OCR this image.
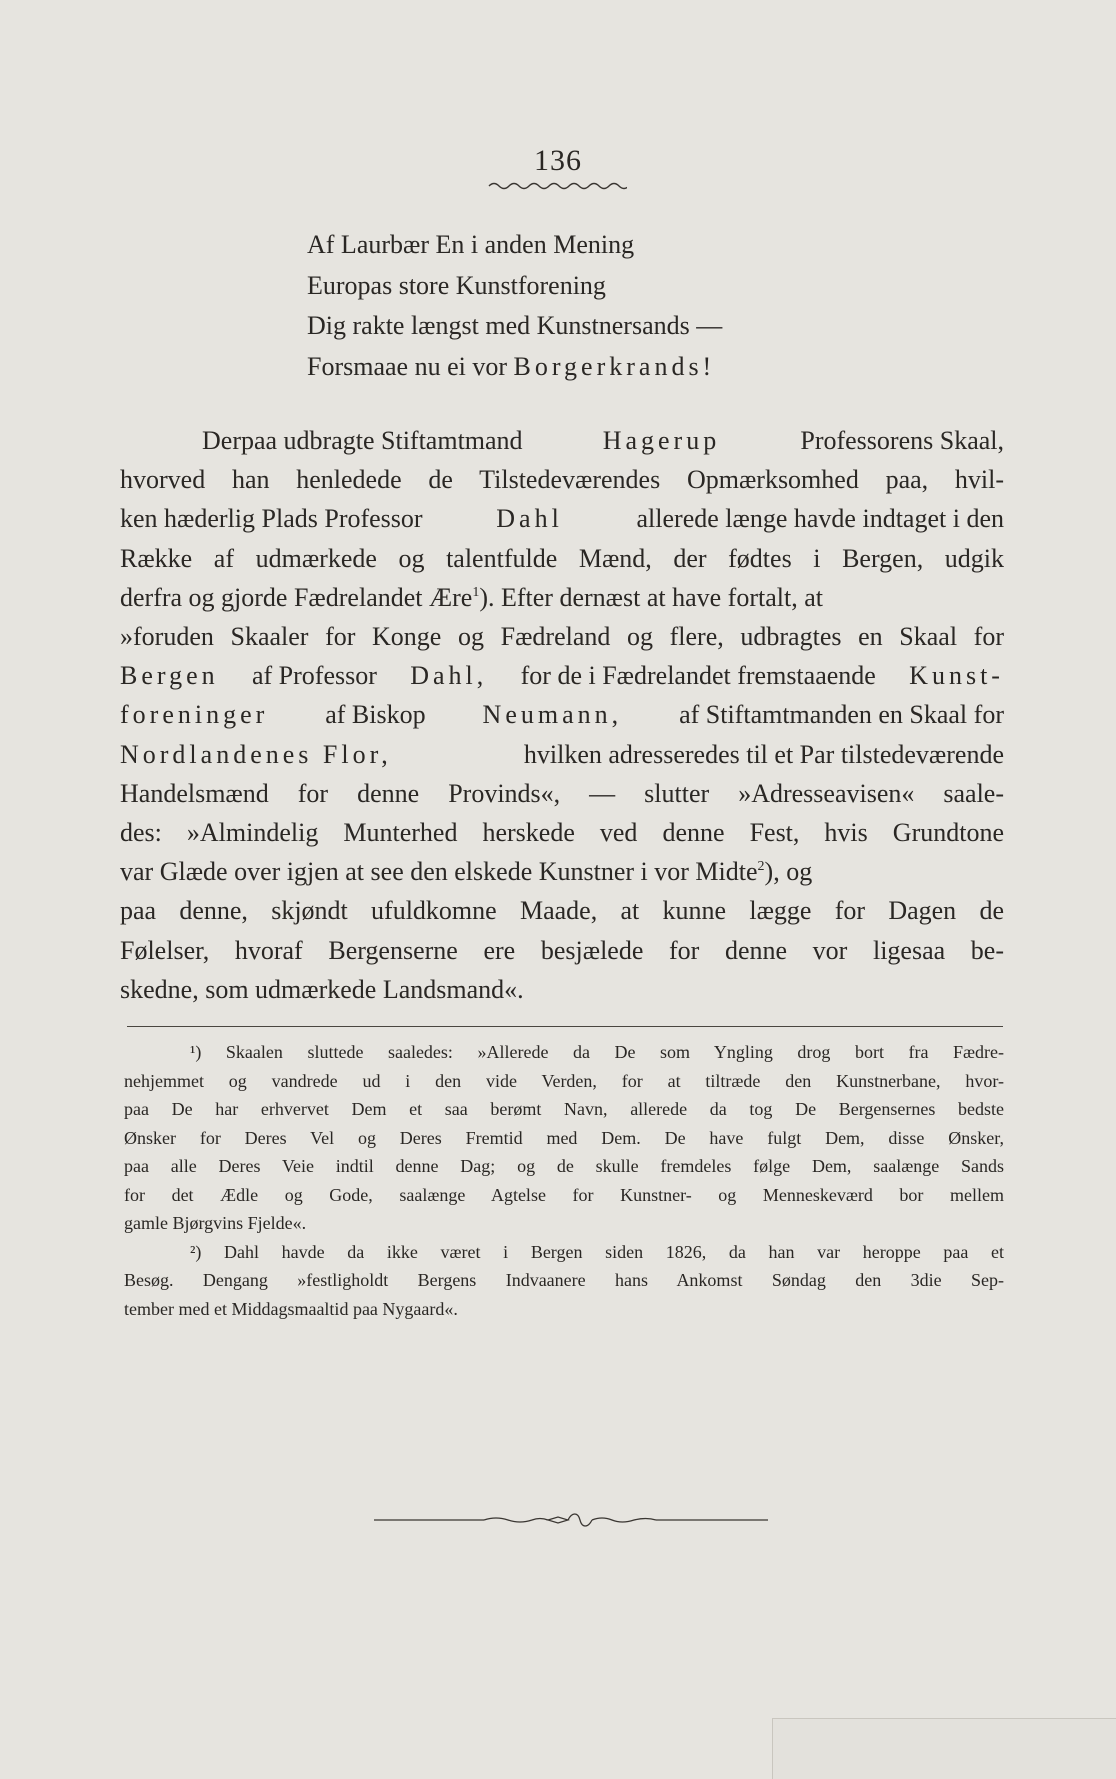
136
Af Laurbær En i anden Mening
Europas store Kunstforening
Dig rakte længst med Kunstnersands —
Forsmaae nu ei vor Borgerkrands!
Derpaa udbragte Stiftamtmand	Hagerup	Professorens Skaal,
hvorved han henledede de Tilstedeværendes Opmærksomhed paa, hvil-
ken hæderlig Plads Professor	Dahl	allerede længe havde indtaget i den
Række af udmærkede og talentfulde Mænd, der fødtes i Bergen, udgik
derfra og gjorde Fædrelandet Ære$^1$). Efter dernæst at have fortalt, at
»foruden Skaaler for Konge og Fædreland og flere, udbragtes en Skaal for
Bergen af Professor Dahl, for de i Fædrelandet fremstaaende Kunst-
foreninger af Biskop Neumann, af Stiftamtmanden en Skaal for
Nordlandenes Flor,	hvilken adresseredes til et Par tilstedeværende
Handelsmænd for denne Provinds«, — slutter »Adresseavisen« saale-
des: »Almindelig Munterhed herskede ved denne Fest, hvis Grundtone
var Glæde over igjen at see den elskede Kunstner i vor Midte$^2$), og
paa denne, skjøndt ufuldkomne Maade, at kunne lægge for Dagen de
Følelser, hvoraf Bergenserne ere besjælede for denne vor ligesaa be-
skedne, som udmærkede Landsmand«.
¹) Skaalen sluttede saaledes: »Allerede da De som Yngling drog bort fra Fædre-
nehjemmet og vandrede ud i den vide Verden, for at tiltræde den Kunstnerbane, hvor-
paa De har erhvervet Dem et saa berømt Navn, allerede da tog De Bergensernes bedste
Ønsker for Deres Vel og Deres Fremtid med Dem. De have fulgt Dem, disse Ønsker,
paa alle Deres Veie indtil denne Dag; og de skulle fremdeles følge Dem, saalænge Sands
for det Ædle og Gode, saalænge Agtelse for Kunstner- og Menneskeværd bor mellem
gamle Bjørgvins Fjelde«.
²) Dahl havde da ikke været i Bergen siden 1826, da han var heroppe paa et
Besøg. Dengang »festligholdt Bergens Indvaanere hans Ankomst Søndag den 3die Sep-
tember med et Middagsmaaltid paa Nygaard«.
